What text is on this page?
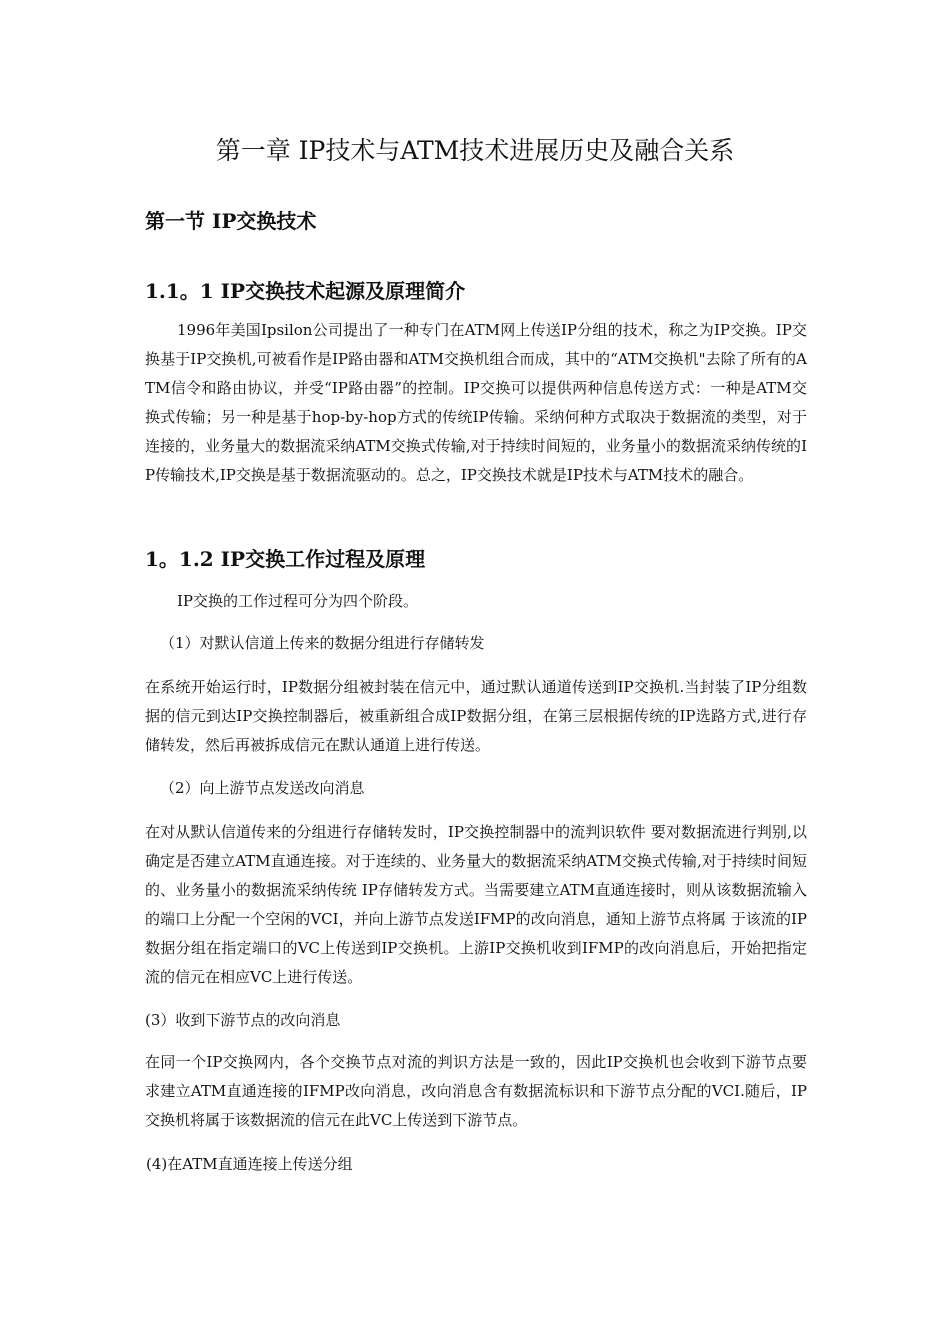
第一章 IP技术与ATM技术进展历史及融合关系
第一节 IP交换技术
1.1。1 IP交换技术起源及原理简介

1996年美国Ipsilon公司提出了一种专门在ATM网上传送IP分组的技术，称之为IP交换。IP交换基于IP交换机,可被看作是IP路由器和ATM交换机组合而成，其中的“ATM交换机"去除了所有的ATM信令和路由协议，并受“IP路由器”的控制。IP交换可以提供两种信息传送方式：一种是ATM交换式传输；另一种是基于hop-by-hop方式的传统IP传输。采纳何种方式取决于数据流的类型，对于连接的，业务量大的数据流采纳ATM交换式传输,对于持续时间短的，业务量小的数据流采纳传统的IP传输技术,IP交换是基于数据流驱动的。总之，IP交换技术就是IP技术与ATM技术的融合。

1。1.2 IP交换工作过程及原理

IP交换的工作过程可分为四个阶段。

（1）对默认信道上传来的数据分组进行存储转发

在系统开始运行时，IP数据分组被封装在信元中，通过默认通道传送到IP交换机.当封装了IP分组数据的信元到达IP交换控制器后，被重新组合成IP数据分组，在第三层根据传统的IP选路方式,进行存储转发，然后再被拆成信元在默认通道上进行传送。

（2）向上游节点发送改向消息

在对从默认信道传来的分组进行存储转发时，IP交换控制器中的流判识软件 要对数据流进行判别,以确定是否建立ATM直通连接。对于连续的、业务量大的数据流采纳ATM交换式传输,对于持续时间短的、业务量小的数据流采纳传统 IP存储转发方式。当需要建立ATM直通连接时，则从该数据流输入的端口上分配一个空闲的VCI，并向上游节点发送IFMP的改向消息，通知上游节点将属 于该流的IP数据分组在指定端口的VC上传送到IP交换机。上游IP交换机收到IFMP的改向消息后，开始把指定流的信元在相应VC上进行传送。

(3）收到下游节点的改向消息

在同一个IP交换网内，各个交换节点对流的判识方法是一致的，因此IP交换机也会收到下游节点要求建立ATM直通连接的IFMP改向消息，改向消息含有数据流标识和下游节点分配的VCI.随后，IP交换机将属于该数据流的信元在此VC上传送到下游节点。

(4)在ATM直通连接上传送分组
